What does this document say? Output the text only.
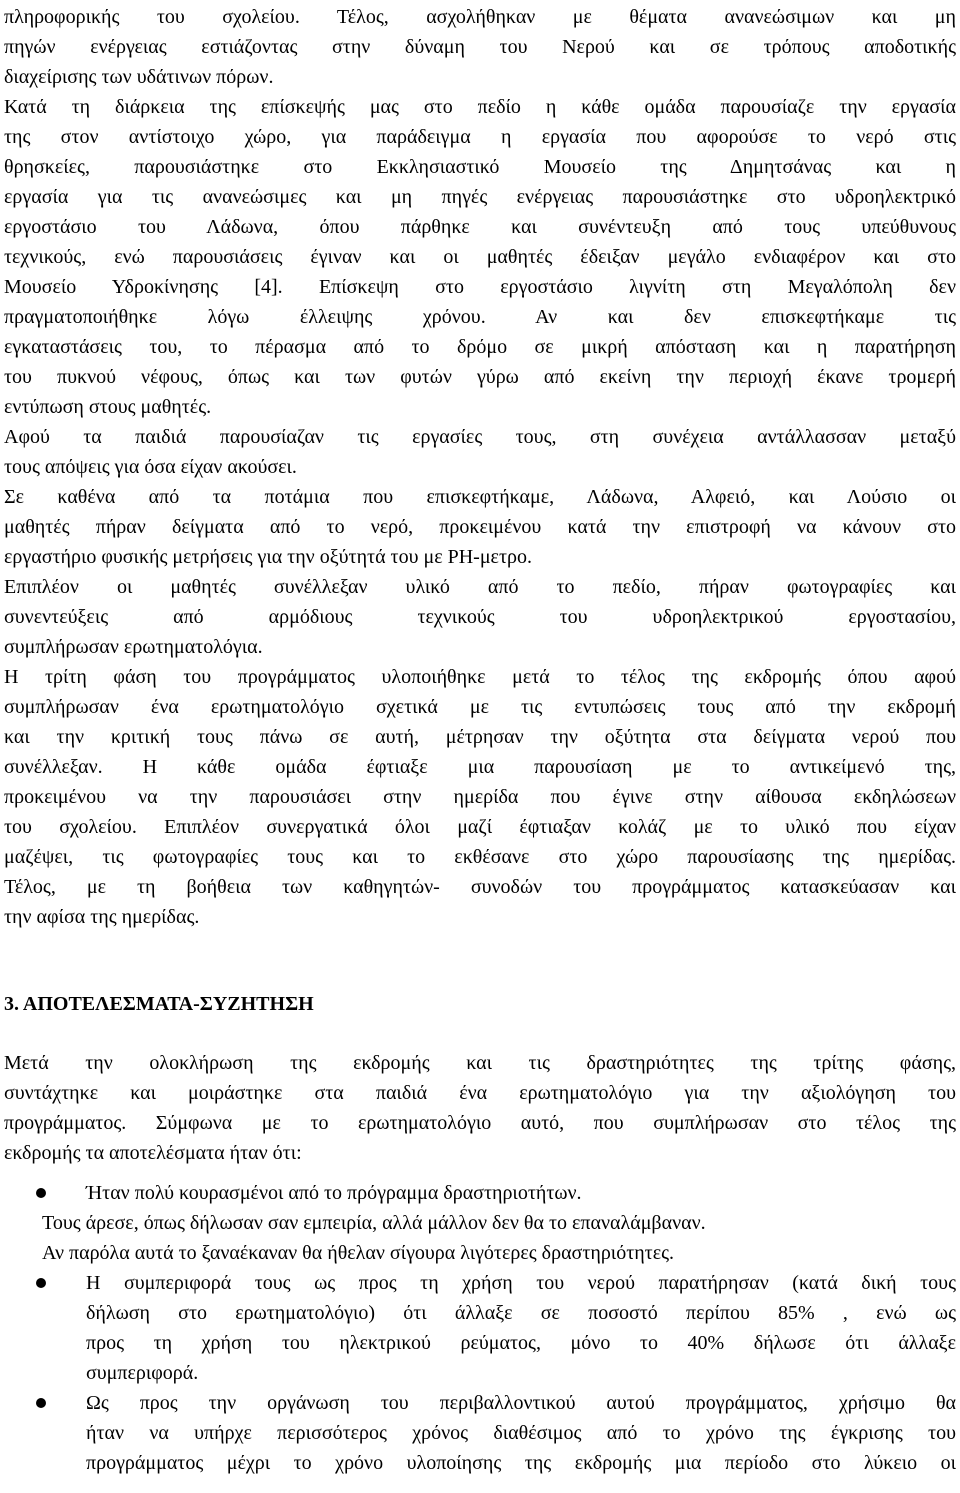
πληροφορικής του σχολείου. Τέλος, ασχολήθηκαν με θέματα ανανεώσιμων και μη
πηγών ενέργειας εστιάζοντας στην δύναμη του Νερού και σε τρόπους αποδοτικής
διαχείρισης των υδάτινων πόρων.
Κατά τη διάρκεια της επίσκεψής μας στο πεδίο η κάθε ομάδα παρουσίαζε την εργασία
της στον αντίστοιχο χώρο, για παράδειγμα η εργασία που αφορούσε το νερό στις
θρησκείες, παρουσιάστηκε στο Εκκλησιαστικό Μουσείο της Δημητσάνας και η
εργασία για τις ανανεώσιμες και μη πηγές ενέργειας παρουσιάστηκε στο υδροηλεκτρικό
εργοστάσιο του Λάδωνα, όπου πάρθηκε και συνέντευξη από τους υπεύθυνους
τεχνικούς, ενώ παρουσιάσεις έγιναν και οι μαθητές έδειξαν μεγάλο ενδιαφέρον και στο
Μουσείο Υδροκίνησης [4]. Επίσκεψη στο εργοστάσιο λιγνίτη στη Μεγαλόπολη δεν
πραγματοποιήθηκε λόγω έλλειψης χρόνου. Αν και δεν επισκεφτήκαμε τις
εγκαταστάσεις του, το πέρασμα από το δρόμο σε μικρή απόσταση και η παρατήρηση
του πυκνού νέφους, όπως και των φυτών γύρω από εκείνη την περιοχή έκανε τρομερή
εντύπωση στους μαθητές.
Αφού τα παιδιά παρουσίαζαν τις εργασίες τους, στη συνέχεια αντάλλασσαν μεταξύ
τους απόψεις για όσα είχαν ακούσει.
Σε καθένα από τα ποτάμια που επισκεφτήκαμε, Λάδωνα, Αλφειό, και Λούσιο οι
μαθητές πήραν δείγματα από το νερό, προκειμένου κατά την επιστροφή να κάνουν στο
εργαστήριο φυσικής μετρήσεις για την οξύτητά του με PH-μετρο.
Επιπλέον οι μαθητές συνέλλεξαν υλικό από το πεδίο, πήραν φωτογραφίες και
συνεντεύξεις από αρμόδιους τεχνικούς του υδροηλεκτρικού εργοστασίου,
συμπλήρωσαν ερωτηματολόγια.
Η τρίτη φάση του προγράμματος υλοποιήθηκε μετά το τέλος της εκδρομής όπου αφού
συμπλήρωσαν ένα ερωτηματολόγιο σχετικά με τις εντυπώσεις τους από την εκδρομή
και την κριτική τους πάνω σε αυτή, μέτρησαν την οξύτητα στα δείγματα νερού που
συνέλλεξαν. Η κάθε ομάδα έφτιαξε μια παρουσίαση με το αντικείμενό της,
προκειμένου να την παρουσιάσει στην ημερίδα που έγινε στην αίθουσα εκδηλώσεων
του σχολείου. Επιπλέον συνεργατικά όλοι μαζί έφτιαξαν κολάζ με το υλικό που είχαν
μαζέψει, τις φωτογραφίες τους και το εκθέσανε στο χώρο παρουσίασης της ημερίδας.
Τέλος, με τη βοήθεια των καθηγητών- συνοδών του προγράμματος κατασκεύασαν και
την αφίσα της ημερίδας.
3. ΑΠΟΤΕΛΕΣΜΑΤΑ-ΣΥΖΗΤΗΣΗ
Μετά την ολοκλήρωση της εκδρομής και τις δραστηριότητες της τρίτης φάσης,
συντάχτηκε και μοιράστηκε στα παιδιά ένα ερωτηματολόγιο για την αξιολόγηση του
προγράμματος. Σύμφωνα με το ερωτηματολόγιο αυτό, που συμπλήρωσαν στο τέλος της
εκδρομής τα αποτελέσματα ήταν ότι:
Ήταν πολύ κουρασμένοι από το πρόγραμμα δραστηριοτήτων.
Τους άρεσε, όπως δήλωσαν σαν εμπειρία, αλλά μάλλον δεν θα το επαναλάμβαναν.
Αν παρόλα αυτά το ξαναέκαναν θα ήθελαν σίγουρα λιγότερες δραστηριότητες.
Η συμπεριφορά τους ως προς τη χρήση του νερού παρατήρησαν (κατά δική τους
δήλωση στο ερωτηματολόγιο) ότι άλλαξε σε ποσοστό περίπου 85% , ενώ ως
προς τη χρήση του ηλεκτρικού ρεύματος, μόνο το 40% δήλωσε ότι άλλαξε
συμπεριφορά.
Ως προς την οργάνωση του περιβαλλοντικού αυτού προγράμματος, χρήσιμο θα
ήταν να υπήρχε περισσότερος χρόνος διαθέσιμος από το χρόνο της έγκρισης του
προγράμματος μέχρι το χρόνο υλοποίησης της εκδρομής μια περίοδο στο λύκειο οι
